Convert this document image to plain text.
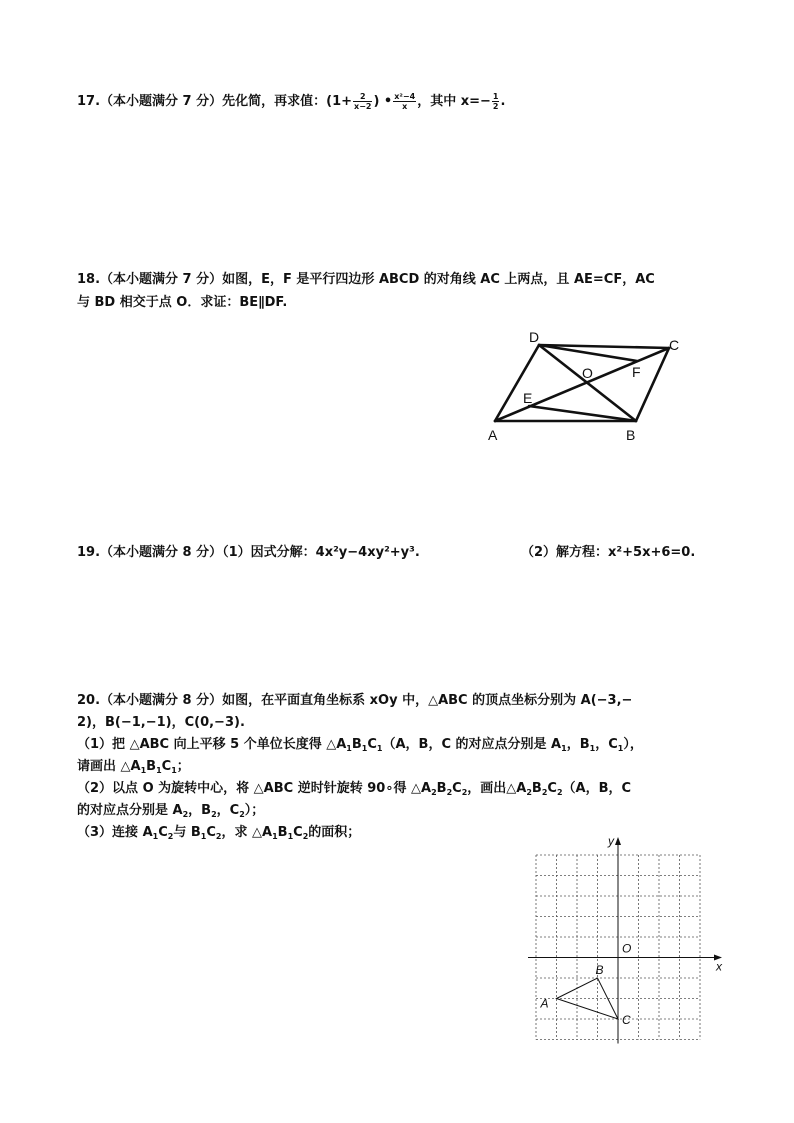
17.（本小题满分 7 分）先化简，再求值：($1+ \frac{2}{x-2}$ ) • $\frac{\text{x²−4}}{x}$ ，其中 $x=- \frac{1}{2}$ .
18.（本小题满分 7 分）如图，E，F 是平行四边形 ABCD 的对角线 AC 上两点，且 AE=CF，AC
与 BD 相交于点 O．求证：BE∥DF.
D	C
F
O
E
A	B
19.（本小题满分 8 分）（1）因式分解：4x²y−4xy²+y³.	（2）解方程：x²+5x+6=0.
20.（本小题满分 8 分）如图，在平面直角坐标系 xOy 中，△ABC 的顶点坐标分别为 A(−3,−
2)，B(−1,−1)，C(0,−3).
（1）把 △ABC 向上平移 5 个单位长度得 $\triangle A_1B_1C_1(A$，B，C 的对应点分别是 $A_1$，$B_1$，$C_1$），
请画出 $\triangle A_1B_1C_1$；
（2）以点 O 为旋转中心，将 △ABC 逆时针旋转 90∘得 $\triangle A_2B_2C_2$，画出$\triangle A_2B_2C_2(A$，B，C
的对应点分别是 $A_2$，$B_2$，$C_2$）；
（3）连接 $A_1C_2$与 $B_1C_2$，求 $\triangle A_1B_1C_2$的面积；
y
x
O
A
B
C
